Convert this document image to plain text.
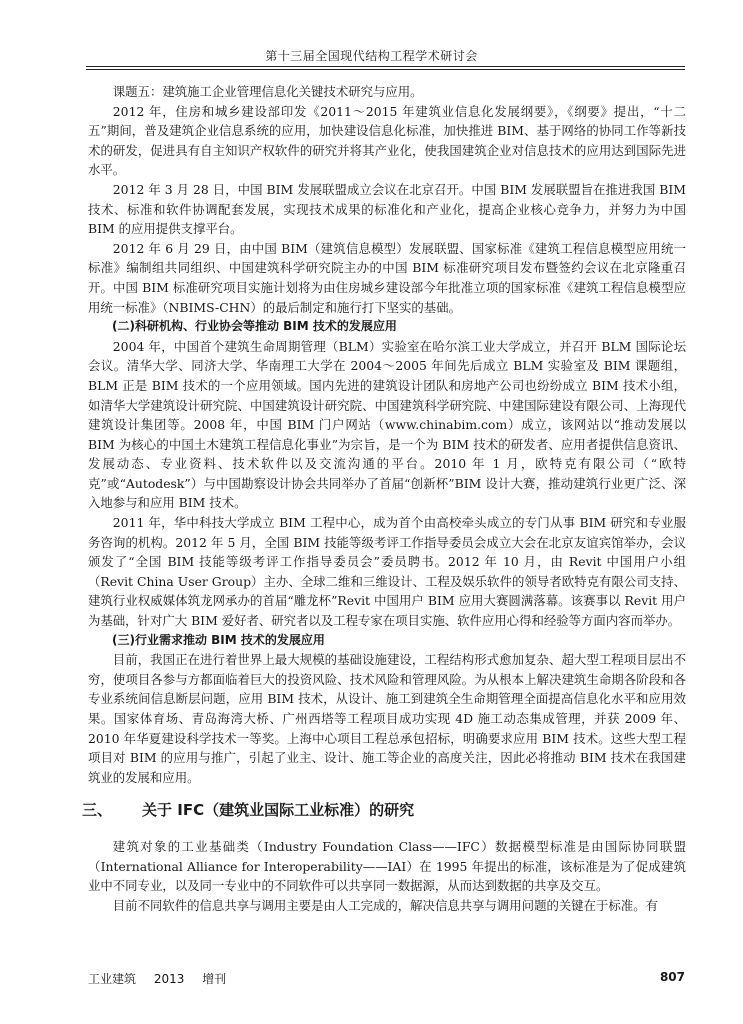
第十三届全国现代结构工程学术研讨会

课题五：建筑施工企业管理信息化关键技术研究与应用。

2012 年，住房和城乡建设部印发《2011～2015 年建筑业信息化发展纲要》，《纲要》提出，“十二五”期间，普及建筑企业信息系统的应用，加快建设信息化标准，加快推进 BIM、基于网络的协同工作等新技术的研发，促进具有自主知识产权软件的研究并将其产业化，使我国建筑企业对信息技术的应用达到国际先进水平。

2012 年 3 月 28 日，中国 BIM 发展联盟成立会议在北京召开。中国 BIM 发展联盟旨在推进我国 BIM 技术、标准和软件协调配套发展，实现技术成果的标准化和产业化，提高企业核心竞争力，并努力为中国 BIM 的应用提供支撑平台。

2012 年 6 月 29 日，由中国 BIM（建筑信息模型）发展联盟、国家标准《建筑工程信息模型应用统一标准》编制组共同组织、中国建筑科学研究院主办的中国 BIM 标准研究项目发布暨签约会议在北京隆重召开。中国 BIM 标准研究项目实施计划将为由住房城乡建设部今年批准立项的国家标准《建筑工程信息模型应用统一标准》（NBIMS-CHN）的最后制定和施行打下坚实的基础。

(二)科研机构、行业协会等推动 BIM 技术的发展应用

2004 年，中国首个建筑生命周期管理（BLM）实验室在哈尔滨工业大学成立，并召开 BLM 国际论坛会议。清华大学、同济大学、华南理工大学在 2004～2005 年间先后成立 BLM 实验室及 BIM 课题组，BLM 正是 BIM 技术的一个应用领域。国内先进的建筑设计团队和房地产公司也纷纷成立 BIM 技术小组，如清华大学建筑设计研究院、中国建筑设计研究院、中国建筑科学研究院、中建国际建设有限公司、上海现代建筑设计集团等。2008 年，中国 BIM 门户网站（www.chinabim.com）成立，该网站以“推动发展以 BIM 为核心的中国土木建筑工程信息化事业”为宗旨，是一个为 BIM 技术的研发者、应用者提供信息资讯、发展动态、专业资料、技术软件以及交流沟通的平台。2010 年 1 月，欧特克有限公司（“欧特克”或“Autodesk”）与中国勘察设计协会共同举办了首届“创新杯”BIM 设计大赛，推动建筑行业更广泛、深入地参与和应用 BIM 技术。

2011 年，华中科技大学成立 BIM 工程中心，成为首个由高校牵头成立的专门从事 BIM 研究和专业服务咨询的机构。2012 年 5 月，全国 BIM 技能等级考评工作指导委员会成立大会在北京友谊宾馆举办，会议颁发了“全国 BIM 技能等级考评工作指导委员会”委员聘书。2012 年 10 月，由 Revit 中国用户小组（Revit China User Group）主办、全球二维和三维设计、工程及娱乐软件的领导者欧特克有限公司支持、建筑行业权威媒体筑龙网承办的首届“雕龙杯”Revit 中国用户 BIM 应用大赛圆满落幕。该赛事以 Revit 用户为基础，针对广大 BIM 爱好者、研究者以及工程专家在项目实施、软件应用心得和经验等方面内容而举办。

(三)行业需求推动 BIM 技术的发展应用

目前，我国正在进行着世界上最大规模的基础设施建设，工程结构形式愈加复杂、超大型工程项目层出不穷，使项目各参与方都面临着巨大的投资风险、技术风险和管理风险。为从根本上解决建筑生命期各阶段和各专业系统间信息断层问题，应用 BIM 技术，从设计、施工到建筑全生命期管理全面提高信息化水平和应用效果。国家体育场、青岛海湾大桥、广州西塔等工程项目成功实现 4D 施工动态集成管理，并获 2009 年、2010 年华夏建设科学技术一等奖。上海中心项目工程总承包招标，明确要求应用 BIM 技术。这些大型工程项目对 BIM 的应用与推广，引起了业主、设计、施工等企业的高度关注，因此必将推动 BIM 技术在我国建筑业的发展和应用。

三、 关于 IFC（建筑业国际工业标准）的研究

建筑对象的工业基础类（Industry Foundation Class——IFC）数据模型标准是由国际协同联盟（International Alliance for Interoperability——IAI）在 1995 年提出的标准，该标准是为了促成建筑业中不同专业，以及同一专业中的不同软件可以共享同一数据源，从而达到数据的共享及交互。

目前不同软件的信息共享与调用主要是由人工完成的，解决信息共享与调用问题的关键在于标准。有

工业建筑 2013 增刊	807
